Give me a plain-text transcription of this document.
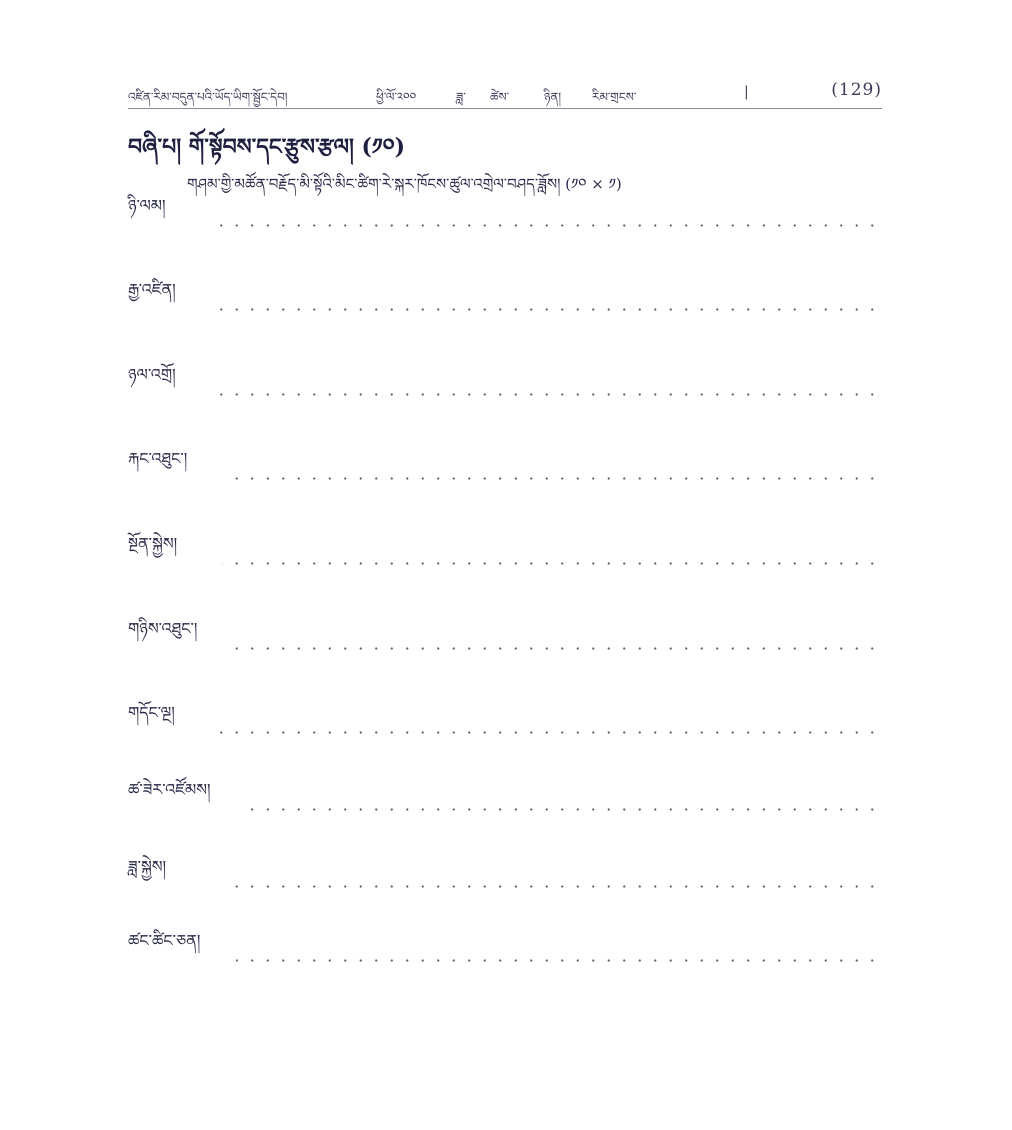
འཛིན་རིམ་བདུན་པའི་ཡོད་ཡིག་སྦྱོང་དེབ།	ཕྱི་ལོ་༢༠༠	ཟླ་ ཚེས་	ཉིན།	རིམ་གྲངས་	|	(129)
བཞི་པ། གོ་སྟོབས་དང་རྩུས་རྩལ། (༡༠)
གཤམ་གྱི་མཚོན་བརྗོད་མི་སྟོའི་མིང་ཚིག་རེ་སྐར་ཁོངས་ཚུལ་འགྲེལ་བཤད་ཟློས། (༡༠ × ༡)
ཉི་ལམ།
རྒྱ་འཛིན།
ཉལ་འགྲོ།
རྐང་འཐུང་།
སྔོན་སྐྱེས།
གཉིས་འཐུང་།
གདོང་ལྔ།
ཚ་ཟེར་འཛོམས།
ཟླ་སྐྱེས།
ཚང་ཚིང་ཅན།
